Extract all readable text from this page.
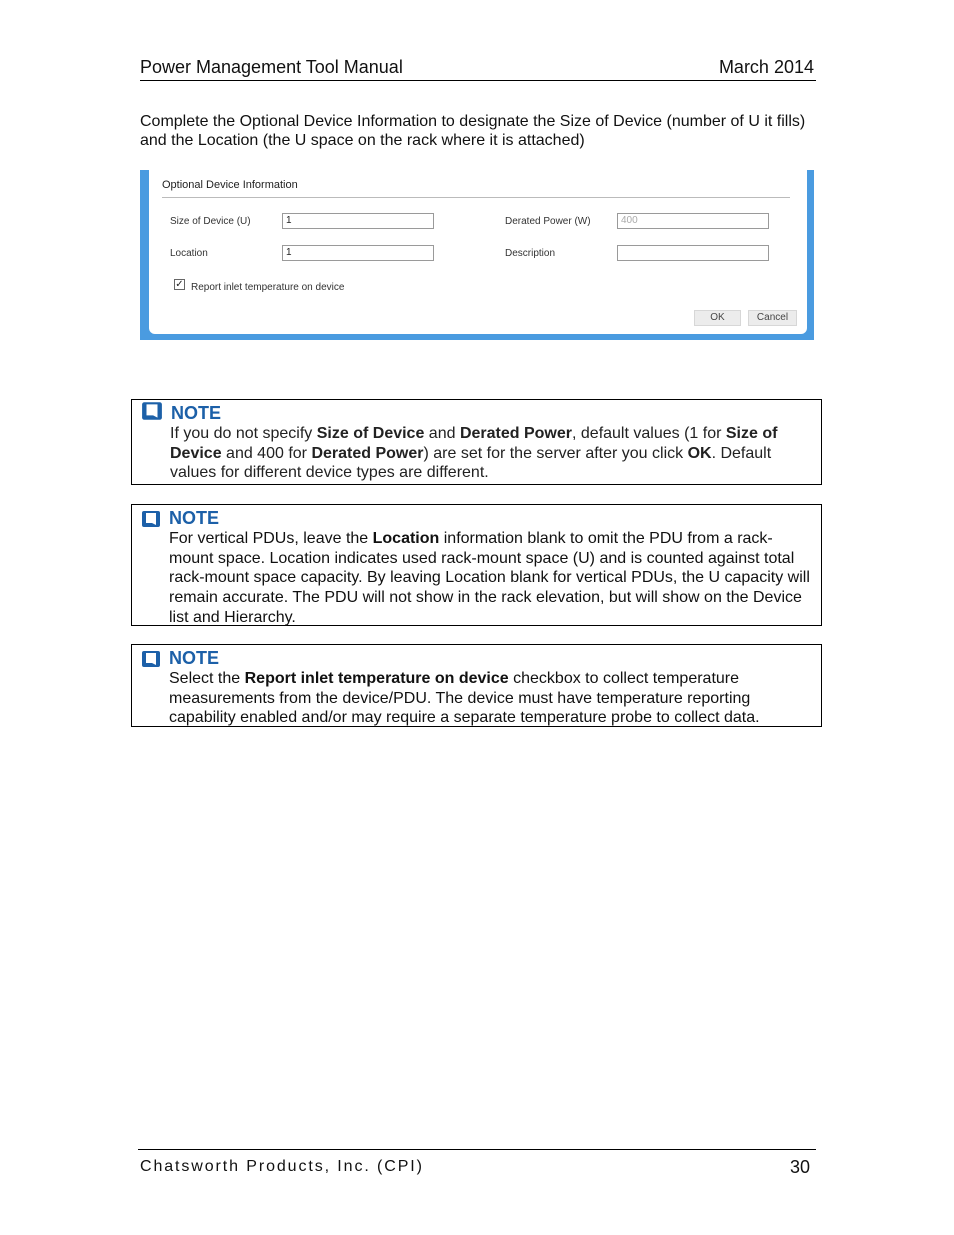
Power Management Tool Manual	March 2014
Complete the Optional Device Information to designate the Size of Device (number of U it fills) and the Location (the U space on the rack where it is attached)
Optional Device Information
Size of Device (U)	1
Location	1
Derated Power (W)	400
Description
✓ Report inlet temperature on device
OK	Cancel
NOTE
If you do not specify Size of Device and Derated Power, default values (1 for Size of Device and 400 for Derated Power) are set for the server after you click OK. Default values for different device types are different.
NOTE
For vertical PDUs, leave the Location information blank to omit the PDU from a rack-mount space. Location indicates used rack-mount space (U) and is counted against total rack-mount space capacity. By leaving Location blank for vertical PDUs, the U capacity will remain accurate. The PDU will not show in the rack elevation, but will show on the Device list and Hierarchy.
NOTE
Select the Report inlet temperature on device checkbox to collect temperature measurements from the device/PDU. The device must have temperature reporting capability enabled and/or may require a separate temperature probe to collect data.
Chatsworth Products, Inc. (CPI)	30
